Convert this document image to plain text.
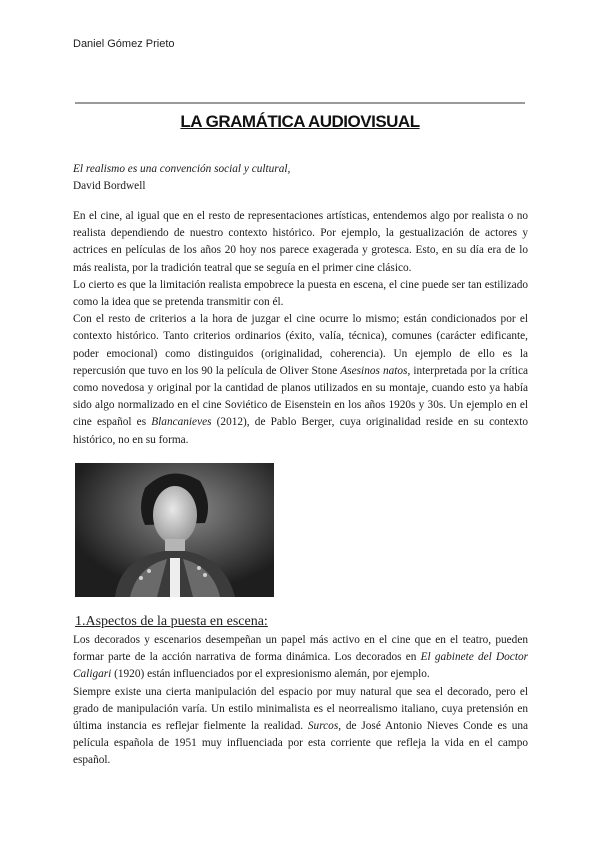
Daniel Gómez Prieto
LA GRAMÁTICA AUDIOVISUAL
El realismo es una convención social y cultural,
David Bordwell

En el cine, al igual que en el resto de representaciones artísticas, entendemos algo por realista o no realista dependiendo de nuestro contexto histórico. Por ejemplo, la gestualización de actores y actrices en películas de los años 20 hoy nos parece exagerada y grotesca. Esto, en su día era de lo más realista, por la tradición teatral que se seguía en el primer cine clásico.

Lo cierto es que la limitación realista empobrece la puesta en escena, el cine puede ser tan estilizado como la idea que se pretenda transmitir con él.

Con el resto de criterios a la hora de juzgar el cine ocurre lo mismo; están condicionados por el contexto histórico. Tanto criterios ordinarios (éxito, valía, técnica), comunes (carácter edificante, poder emocional) como distinguidos (originalidad, coherencia). Un ejemplo de ello es la repercusión que tuvo en los 90 la película de Oliver Stone Asesinos natos, interpretada por la crítica como novedosa y original por la cantidad de planos utilizados en su montaje, cuando esto ya había sido algo normalizado en el cine Soviético de Eisenstein en los años 1920s y 30s. Un ejemplo en el cine español es Blancanieves (2012), de Pablo Berger, cuya originalidad reside en su contexto histórico, no en su forma.

1.Aspectos de la puesta en escena:

Los decorados y escenarios desempeñan un papel más activo en el cine que en el teatro, pueden formar parte de la acción narrativa de forma dinámica. Los decorados en El gabinete del Doctor Caligari (1920) están influenciados por el expresionismo alemán, por ejemplo.

Siempre existe una cierta manipulación del espacio por muy natural que sea el decorado, pero el grado de manipulación varía. Un estilo minimalista es el neorrealismo italiano, cuya pretensión en última instancia es reflejar fielmente la realidad. Surcos, de José Antonio Nieves Conde es una película española de 1951 muy influenciada por esta corriente que refleja la vida en el campo español.
